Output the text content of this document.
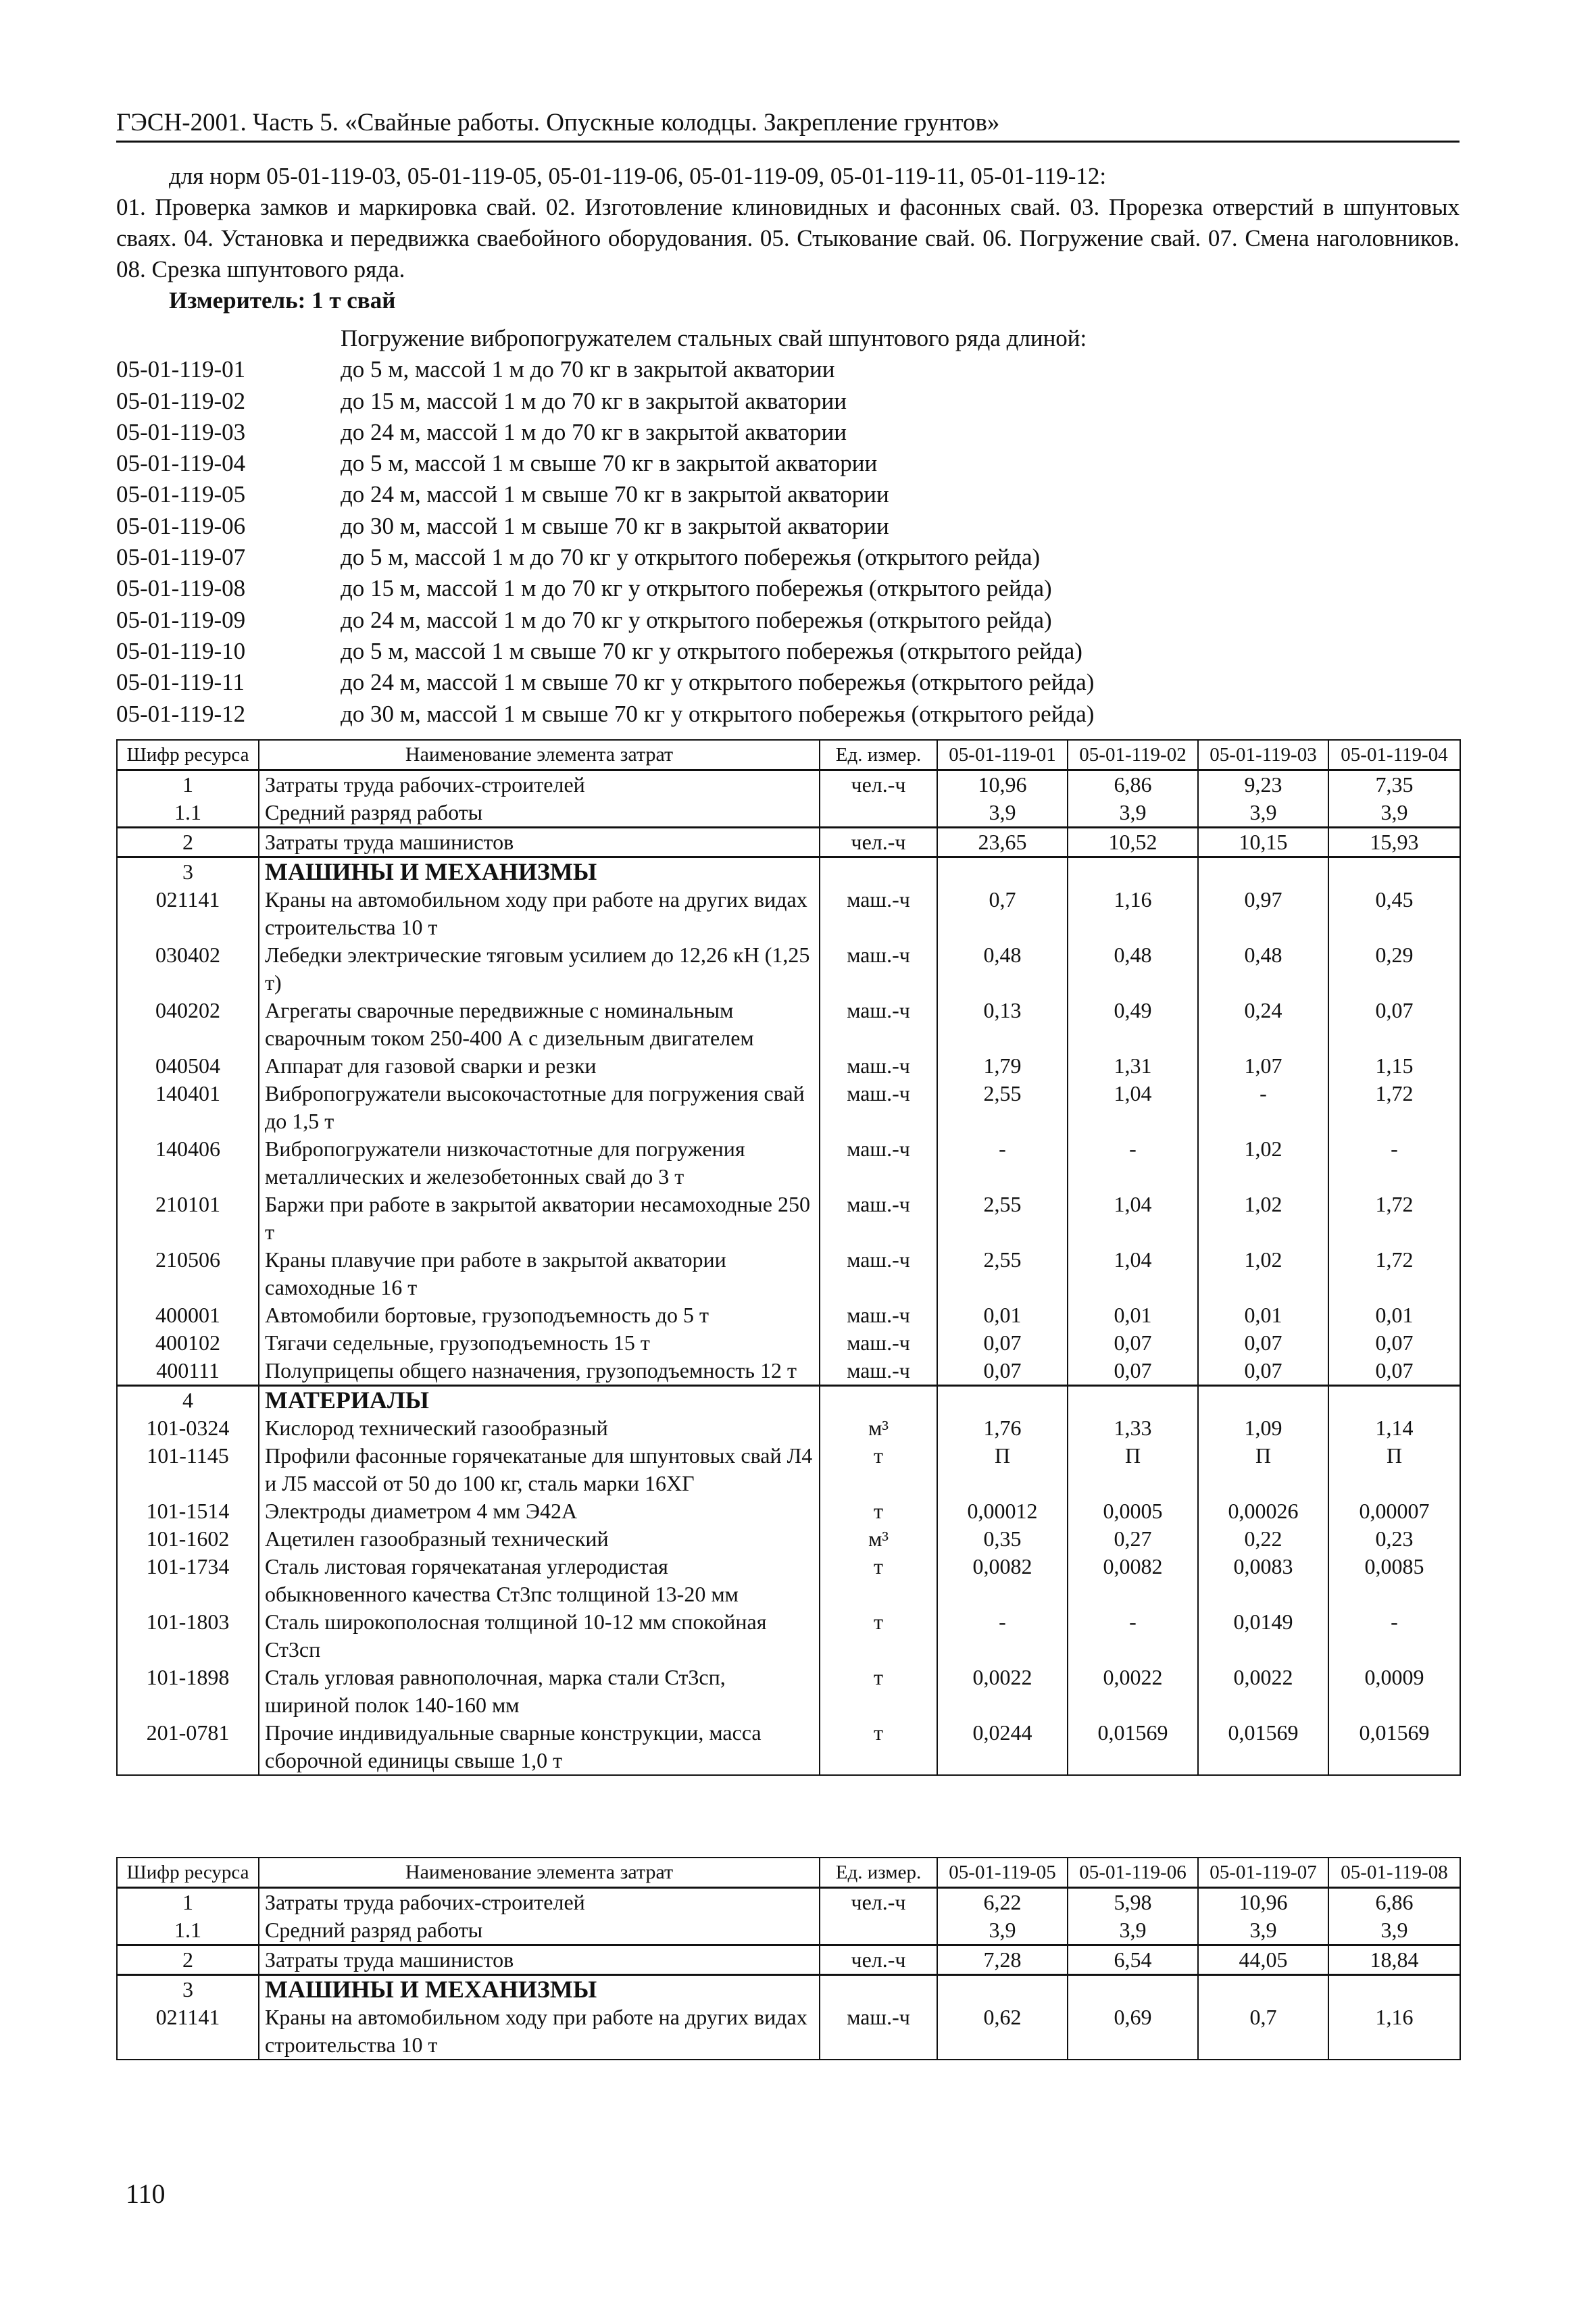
ГЭСН-2001. Часть 5. «Свайные работы. Опускные колодцы. Закрепление грунтов»
для норм 05-01-119-03, 05-01-119-05, 05-01-119-06, 05-01-119-09, 05-01-119-11, 05-01-119-12:
01. Проверка замков и маркировка свай. 02. Изготовление клиновидных и фасонных свай. 03. Прорезка отверстий в шпунтовых сваях. 04. Установка и передвижка сваебойного оборудования. 05. Стыкование свай. 06. Погружение свай. 07. Смена наголовников. 08. Срезка шпунтового ряда.
Измеритель: 1 т свай
Погружение вибропогружателем стальных свай шпунтового ряда длиной:
05-01-119-01	до 5 м, массой 1 м до 70 кг в закрытой акватории
05-01-119-02	до 15 м, массой 1 м до 70 кг в закрытой акватории
05-01-119-03	до 24 м, массой 1 м до 70 кг в закрытой акватории
05-01-119-04	до 5 м, массой 1 м свыше 70 кг в закрытой акватории
05-01-119-05	до 24 м, массой 1 м свыше 70 кг в закрытой акватории
05-01-119-06	до 30 м, массой 1 м свыше 70 кг в закрытой акватории
05-01-119-07	до 5 м, массой 1 м до 70 кг у открытого побережья (открытого рейда)
05-01-119-08	до 15 м, массой 1 м до 70 кг у открытого побережья (открытого рейда)
05-01-119-09	до 24 м, массой 1 м до 70 кг у открытого побережья (открытого рейда)
05-01-119-10	до 5 м, массой 1 м свыше 70 кг у открытого побережья (открытого рейда)
05-01-119-11	до 24 м, массой 1 м свыше 70 кг у открытого побережья (открытого рейда)
05-01-119-12	до 30 м, массой 1 м свыше 70 кг у открытого побережья (открытого рейда)
Шифр ресурса	Наименование элемента затрат	Ед. измер.	05-01-119-01	05-01-119-02	05-01-119-03	05-01-119-04
1	Затраты труда рабочих-строителей	чел.-ч	10,96	6,86	9,23	7,35
1.1	Средний разряд работы		3,9	3,9	3,9	3,9
2	Затраты труда машинистов	чел.-ч	23,65	10,52	10,15	15,93
3	МАШИНЫ И МЕХАНИЗМЫ					
021141	Краны на автомобильном ходу при работе на других видах строительства 10 т	маш.-ч	0,7	1,16	0,97	0,45
030402	Лебедки электрические тяговым усилием до 12,26 кН (1,25 т)	маш.-ч	0,48	0,48	0,48	0,29
040202	Агрегаты сварочные передвижные с номинальным сварочным током 250-400 А с дизельным двигателем	маш.-ч	0,13	0,49	0,24	0,07
040504	Аппарат для газовой сварки и резки	маш.-ч	1,79	1,31	1,07	1,15
140401	Вибропогружатели высокочастотные для погружения свай до 1,5 т	маш.-ч	2,55	1,04	-	1,72
140406	Вибропогружатели низкочастотные для погружения металлических и железобетонных свай до 3 т	маш.-ч	-	-	1,02	-
210101	Баржи при работе в закрытой акватории несамоходные 250 т	маш.-ч	2,55	1,04	1,02	1,72
210506	Краны плавучие при работе в закрытой акватории самоходные 16 т	маш.-ч	2,55	1,04	1,02	1,72
400001	Автомобили бортовые, грузоподъемность до 5 т	маш.-ч	0,01	0,01	0,01	0,01
400102	Тягачи седельные, грузоподъемность 15 т	маш.-ч	0,07	0,07	0,07	0,07
400111	Полуприцепы общего назначения, грузоподъемность 12 т	маш.-ч	0,07	0,07	0,07	0,07
4	МАТЕРИАЛЫ					
101-0324	Кислород технический газообразный	м³	1,76	1,33	1,09	1,14
101-1145	Профили фасонные горячекатаные для шпунтовых свай Л4 и Л5 массой от 50 до 100 кг, сталь марки 16ХГ	т	П	П	П	П
101-1514	Электроды диаметром 4 мм Э42А	т	0,00012	0,0005	0,00026	0,00007
101-1602	Ацетилен газообразный технический	м³	0,35	0,27	0,22	0,23
101-1734	Сталь листовая горячекатаная углеродистая обыкновенного качества Ст3пс толщиной 13-20 мм	т	0,0082	0,0082	0,0083	0,0085
101-1803	Сталь широкополосная толщиной 10-12 мм спокойная Ст3сп	т	-	-	0,0149	-
101-1898	Сталь угловая равнополочная, марка стали Ст3сп, шириной полок 140-160 мм	т	0,0022	0,0022	0,0022	0,0009
201-0781	Прочие индивидуальные сварные конструкции, масса сборочной единицы свыше 1,0 т	т	0,0244	0,01569	0,01569	0,01569
Шифр ресурса	Наименование элемента затрат	Ед. измер.	05-01-119-05	05-01-119-06	05-01-119-07	05-01-119-08
1	Затраты труда рабочих-строителей	чел.-ч	6,22	5,98	10,96	6,86
1.1	Средний разряд работы		3,9	3,9	3,9	3,9
2	Затраты труда машинистов	чел.-ч	7,28	6,54	44,05	18,84
3	МАШИНЫ И МЕХАНИЗМЫ					
021141	Краны на автомобильном ходу при работе на других видах строительства 10 т	маш.-ч	0,62	0,69	0,7	1,16
110
